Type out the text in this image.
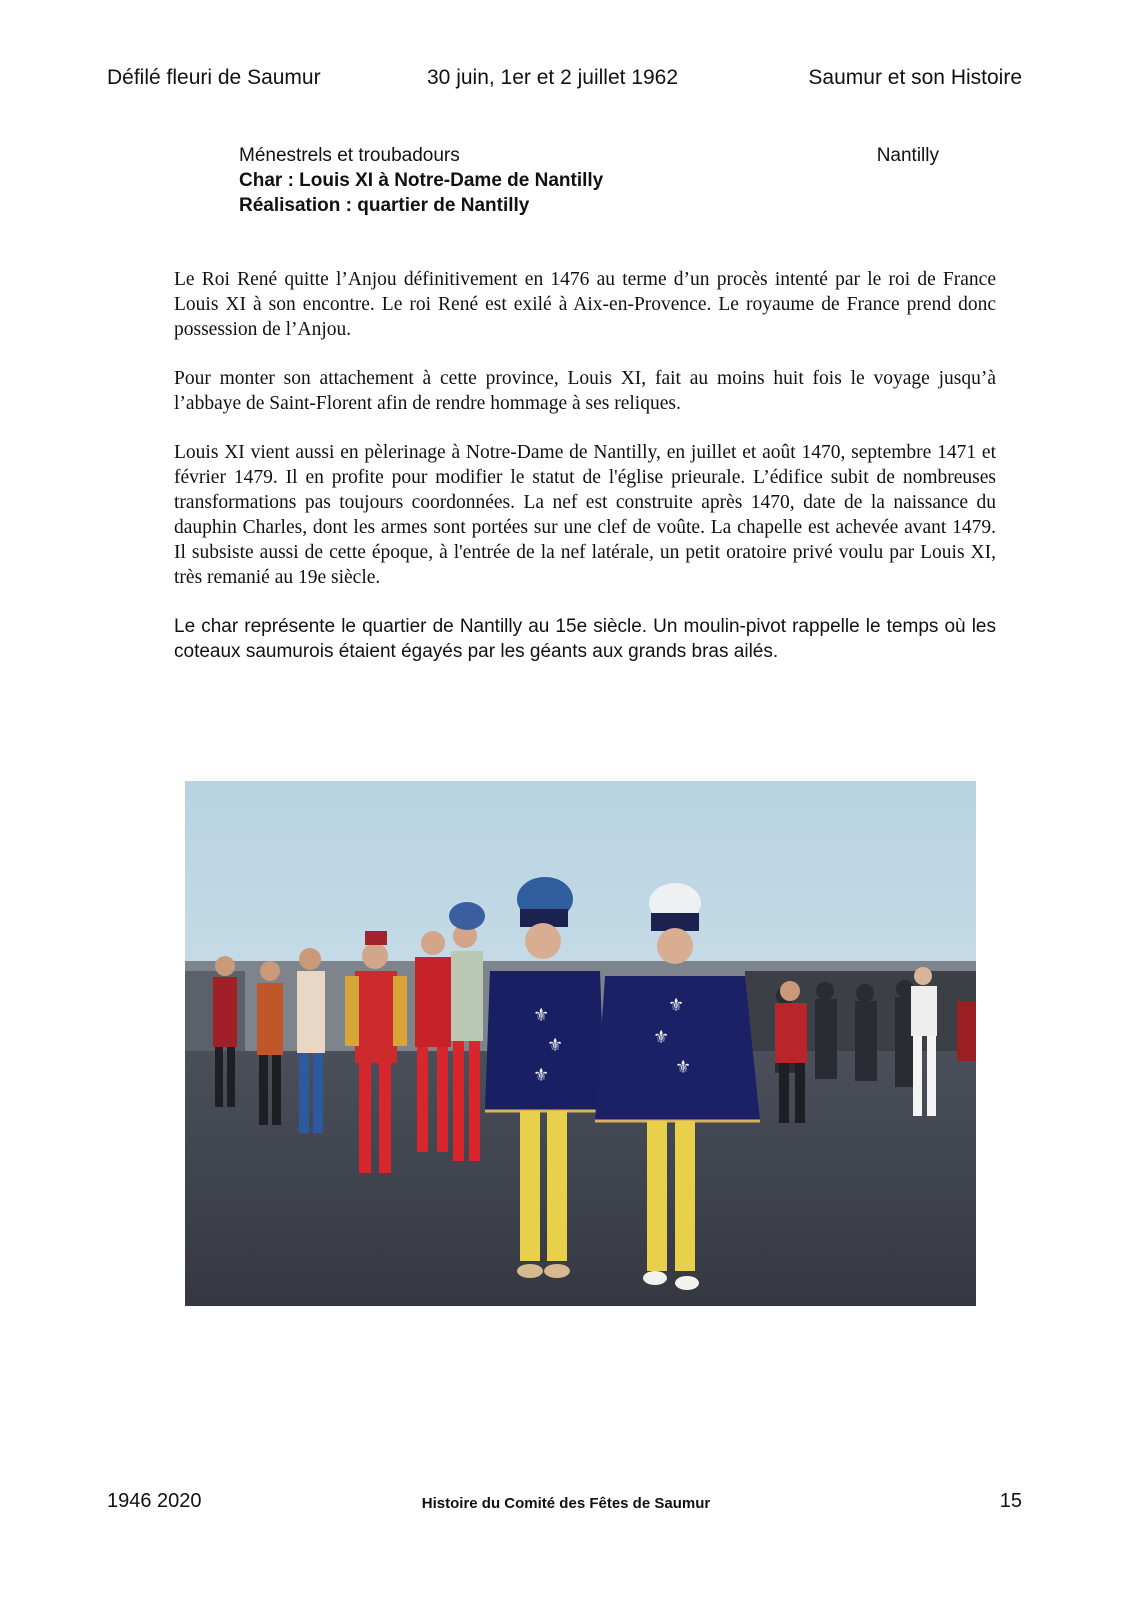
Défilé fleuri de Saumur	30 juin, 1er et 2 juillet 1962	Saumur et son Histoire
Ménestrels et troubadours	Nantilly
Char : Louis XI à Notre-Dame de Nantilly
Réalisation : quartier de Nantilly

Le Roi René quitte l’Anjou définitivement en 1476 au terme d’un procès intenté par le roi de France Louis XI à son encontre. Le roi René est exilé à Aix-en-Provence. Le royaume de France prend donc possession de l’Anjou.

Pour monter son attachement à cette province, Louis XI, fait au moins huit fois le voyage jusqu’à l’abbaye de Saint-Florent afin de rendre hommage à ses reliques.

Louis XI vient aussi en pèlerinage à Notre-Dame de Nantilly, en juillet et août 1470, septembre 1471 et février 1479. Il en profite pour modifier le statut de l'église prieurale. L’édifice subit de nombreuses transformations pas toujours coordonnées. La nef est construite après 1470, date de la naissance du dauphin Charles, dont les armes sont portées sur une clef de voûte. La chapelle est achevée avant 1479. Il subsiste aussi de cette époque, à l'entrée de la nef latérale, un petit oratoire privé voulu par Louis XI, très remanié au 19e siècle.

Le char représente le quartier de Nantilly au 15e siècle. Un moulin-pivot rappelle le temps où les coteaux saumurois étaient égayés par les géants aux grands bras ailés.

⚜
⚜
⚜
⚜
⚜
⚜
1946 2020	Histoire du Comité des Fêtes de Saumur	15
